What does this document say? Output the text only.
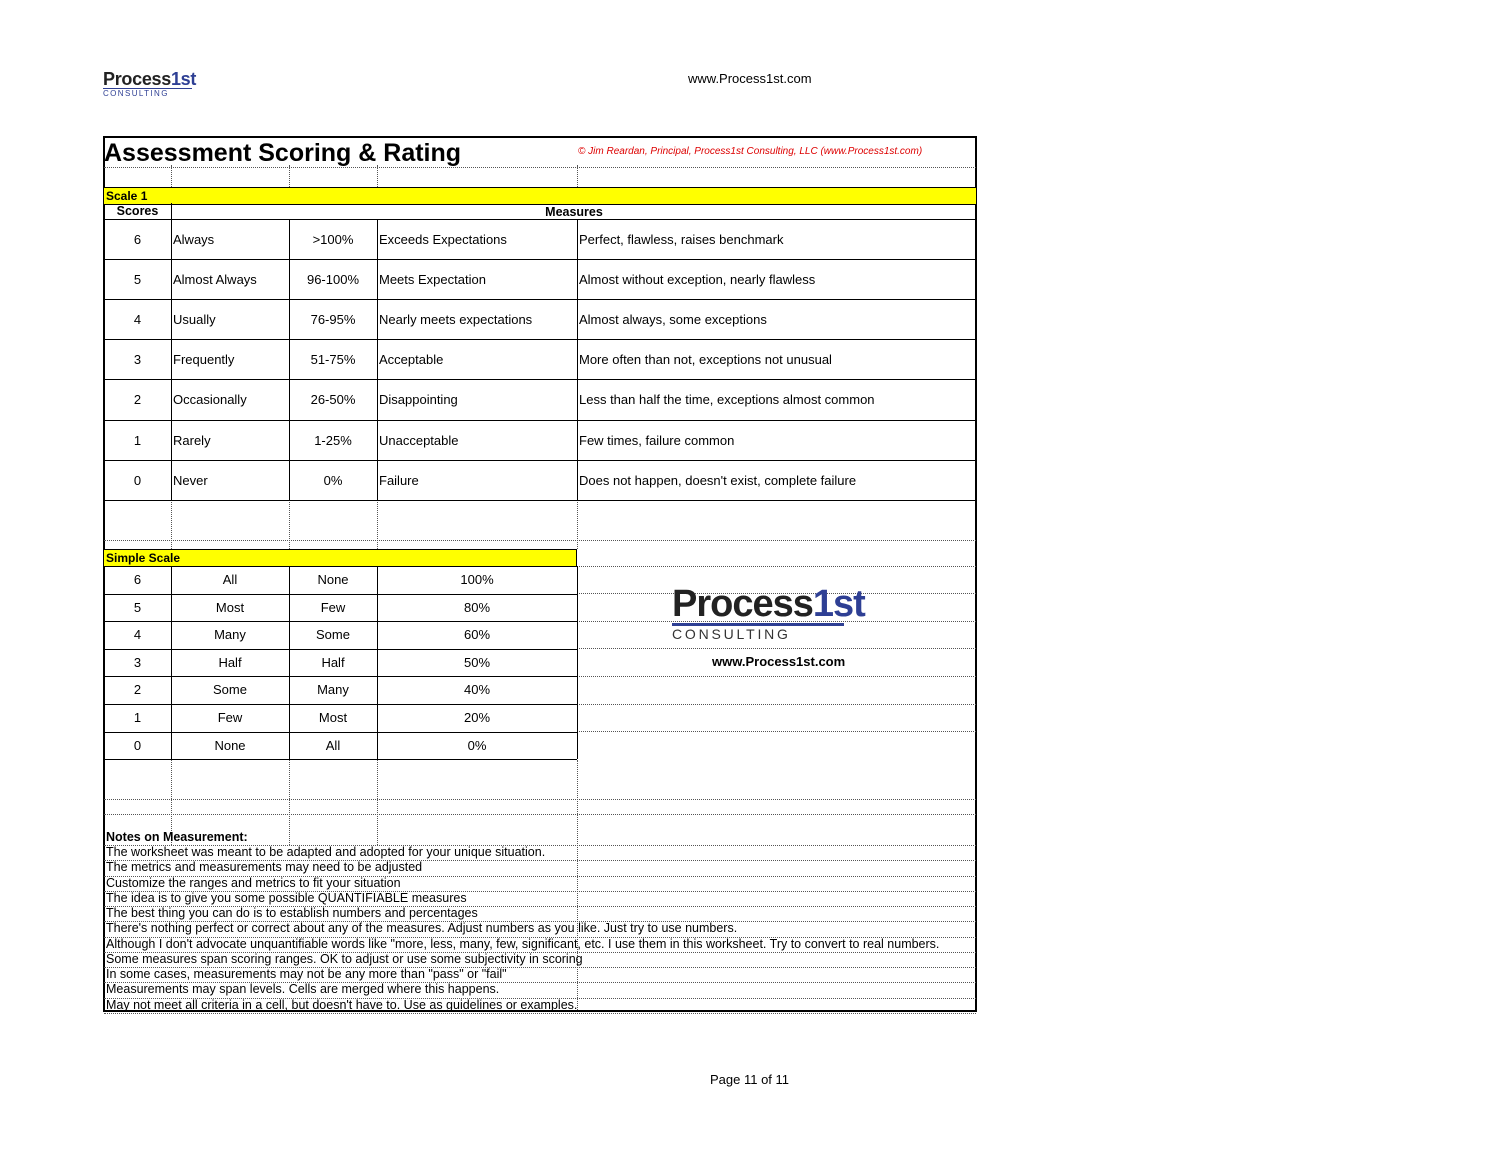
Process1st
CONSULTING
www.Process1st.com
Assessment Scoring & Rating	© Jim Reardan, Principal, Process1st Consulting, LLC (www.Process1st.com)
Scale 1
Scores	Measures
6	Always	>100%	Exceeds Expectations	Perfect, flawless, raises benchmark
5	Almost Always	96-100%	Meets Expectation	Almost without exception, nearly flawless
4	Usually	76-95%	Nearly meets expectations	Almost always, some exceptions
3	Frequently	51-75%	Acceptable	More often than not, exceptions not unusual
2	Occasionally	26-50%	Disappointing	Less than half the time, exceptions almost common
1	Rarely	1-25%	Unacceptable	Few times, failure common
0	Never	0%	Failure	Does not happen, doesn't exist, complete failure
Simple Scale
6	All	None	100%
5	Most	Few	80%
4	Many	Some	60%
3	Half	Half	50%
2	Some	Many	40%
1	Few	Most	20%
0	None	All	0%
Process1st
CONSULTING
www.Process1st.com
Notes on Measurement:
The worksheet was meant to be adapted and adopted for your unique situation.
The metrics and measurements may need to be adjusted
Customize the ranges and metrics to fit your situation
The idea is to give you some possible QUANTIFIABLE measures
The best thing you can do is to establish numbers and percentages
There's nothing perfect or correct about any of the measures. Adjust numbers as you like. Just try to use numbers.
Although I don't advocate unquantifiable words like "more, less, many, few, significant, etc. I use them in this worksheet. Try to convert to real numbers.
Some measures span scoring ranges. OK to adjust or use some subjectivity in scoring
In some cases, measurements may not be any more than "pass" or "fail"
Measurements may span levels. Cells are merged where this happens.
May not meet all criteria in a cell, but doesn't have to. Use as guidelines or examples.
Page 11 of 11
